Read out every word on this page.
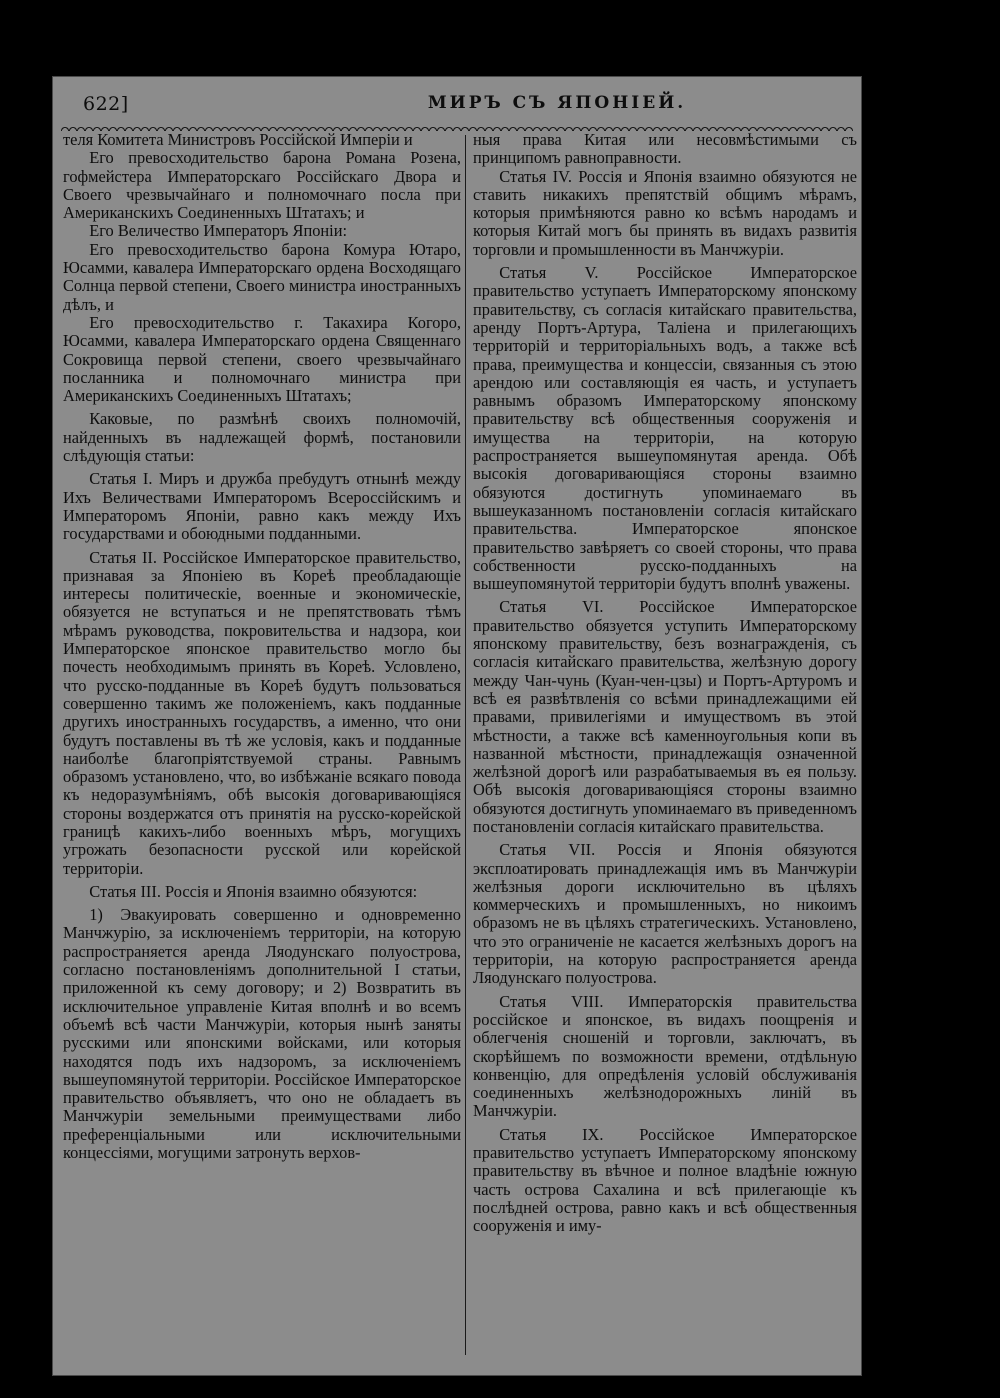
622]	МИРЪ СЪ ЯПОНІЕЙ.

теля Комитета Министровъ Россійской Имперіи и

Его превосходительство барона Романа Розена, гофмейстера Императорскаго Россійскаго Двора и Своего чрезвычайнаго и полномочнаго посла при Американскихъ Соединенныхъ Штатахъ; и

Его Величество Императоръ Японіи:

Его превосходительство барона Комура Ютаро, Юсамми, кавалера Императорскаго ордена Восходящаго Солнца первой степени, Своего министра иностранныхъ дѣлъ, и

Его превосходительство г. Такахира Когоро, Юсамми, кавалера Императорскаго ордена Священнаго Сокровища первой степени, своего чрезвычайнаго посланника и полномочнаго министра при Американскихъ Соединенныхъ Штатахъ;

Каковые, по размѣнѣ своихъ полномочій, найденныхъ въ надлежащей формѣ, постановили слѣдующія статьи:

Статья I. Миръ и дружба пребудутъ отнынѣ между Ихъ Величествами Императоромъ Всероссійскимъ и Императоромъ Японіи, равно какъ между Ихъ государствами и обоюдными подданными.

Статья II. Россійское Императорское правительство, признавая за Японіею въ Кореѣ преобладающіе интересы политическіе, военные и экономическіе, обязуется не вступаться и не препятствовать тѣмъ мѣрамъ руководства, покровительства и надзора, кои Императорское японское правительство могло бы почесть необходимымъ принять въ Кореѣ. Условлено, что русско-подданные въ Кореѣ будутъ пользоваться совершенно такимъ же положеніемъ, какъ подданные другихъ иностранныхъ государствъ, а именно, что они будутъ поставлены въ тѣ же условія, какъ и подданные наиболѣе благопріятствуемой страны. Равнымъ образомъ установлено, что, во избѣжаніе всякаго повода къ недоразумѣніямъ, обѣ высокія договаривающіяся стороны воздержатся отъ принятія на русско-корейской границѣ какихъ-либо военныхъ мѣръ, могущихъ угрожать безопасности русской или корейской территоріи.

Статья III. Россія и Японія взаимно обязуются:

1) Эвакуировать совершенно и одновременно Манчжурію, за исключеніемъ территоріи, на которую распространяется аренда Ляодунскаго полуострова, согласно постановленіямъ дополнительной I статьи, приложенной къ сему договору; и 2) Возвратить въ исключительное управленіе Китая вполнѣ и во всемъ объемѣ всѣ части Манчжуріи, которыя нынѣ заняты русскими или японскими войсками, или которыя находятся подъ ихъ надзоромъ, за исключеніемъ вышеупомянутой территоріи. Россійское Императорское правительство объявляетъ, что оно не обладаетъ въ Манчжуріи земельными преимуществами либо преференціальными или исключительными концессіями, могущими затронуть верхов-

ныя права Китая или несовмѣстимыми съ принципомъ равноправности.

Статья IV. Россія и Японія взаимно обязуются не ставить никакихъ препятствій общимъ мѣрамъ, которыя примѣняются равно ко всѣмъ народамъ и которыя Китай могъ бы принять въ видахъ развитія торговли и промышленности въ Манчжуріи.

Статья V. Россійское Императорское правительство уступаетъ Императорскому японскому правительству, съ согласія китайскаго правительства, аренду Портъ-Артура, Таліена и прилегающихъ территорій и территоріальныхъ водъ, а также всѣ права, преимущества и концессіи, связанныя съ этою арендою или составляющія ея часть, и уступаетъ равнымъ образомъ Императорскому японскому правительству всѣ общественныя сооруженія и имущества на территоріи, на которую распространяется вышеупомянутая аренда. Обѣ высокія договаривающіяся стороны взаимно обязуются достигнуть упоминаемаго въ вышеуказанномъ постановленіи согласія китайскаго правительства. Императорское японское правительство завѣряетъ со своей стороны, что права собственности русско-подданныхъ на вышеупомянутой территоріи будутъ вполнѣ уважены.

Статья VI. Россійское Императорское правительство обязуется уступить Императорскому японскому правительству, безъ вознагражденія, съ согласія китайскаго правительства, желѣзную дорогу между Чан-чунь (Куан-чен-цзы) и Портъ-Артуромъ и всѣ ея развѣтвленія со всѣми принадлежащими ей правами, привилегіями и имуществомъ въ этой мѣстности, а также всѣ каменноугольныя копи въ названной мѣстности, принадлежащія означенной желѣзной дорогѣ или разрабатываемыя въ ея пользу. Обѣ высокія договаривающіяся стороны взаимно обязуются достигнуть упоминаемаго въ приведенномъ постановленіи согласія китайскаго правительства.

Статья VII. Россія и Японія обязуются эксплоатировать принадлежащія имъ въ Манчжуріи желѣзныя дороги исключительно въ цѣляхъ коммерческихъ и промышленныхъ, но никоимъ образомъ не въ цѣляхъ стратегическихъ. Установлено, что это ограниченіе не касается желѣзныхъ дорогъ на территоріи, на которую распространяется аренда Ляодунскаго полуострова.

Статья VIII. Императорскія правительства россійское и японское, въ видахъ поощренія и облегченія сношеній и торговли, заключатъ, въ скорѣйшемъ по возможности времени, отдѣльную конвенцію, для опредѣленія условій обслуживанія соединенныхъ желѣзнодорожныхъ линій въ Манчжуріи.

Статья IX. Россійское Императорское правительство уступаетъ Императорскому японскому правительству въ вѣчное и полное владѣніе южную часть острова Сахалина и всѣ прилегающіе къ послѣдней острова, равно какъ и всѣ общественныя сооруженія и иму-
